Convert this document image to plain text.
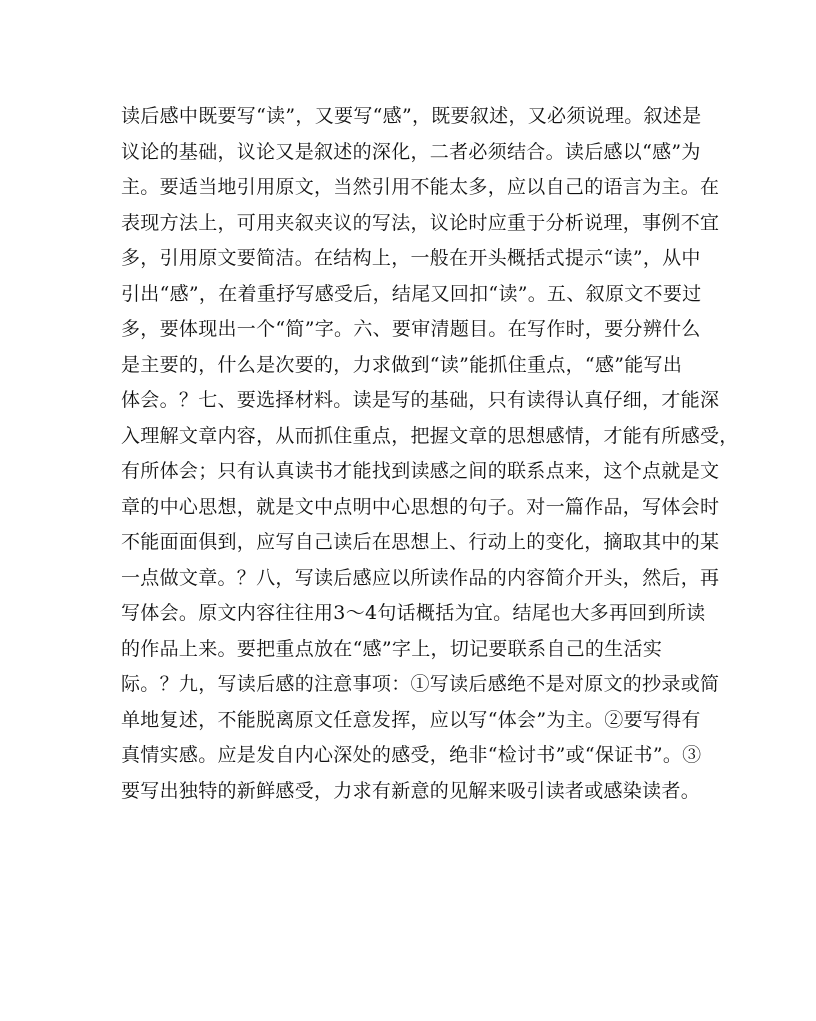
读后感中既要写“读”，又要写“感”，既要叙述，又必须说理。叙述是
议论的基础，议论又是叙述的深化，二者必须结合。读后感以“感”为
主。要适当地引用原文，当然引用不能太多，应以自己的语言为主。在
表现方法上，可用夹叙夹议的写法，议论时应重于分析说理，事例不宜
多，引用原文要简洁。在结构上，一般在开头概括式提示“读”，从中
引出“感”，在着重抒写感受后，结尾又回扣“读”。五、叙原文不要过
多，要体现出一个“简”字。六、要审清题目。在写作时，要分辨什么
是主要的，什么是次要的，力求做到“读”能抓住重点，“感”能写出
体会。？七、要选择材料。读是写的基础，只有读得认真仔细，才能深
入理解文章内容，从而抓住重点，把握文章的思想感情，才能有所感受，
有所体会；只有认真读书才能找到读感之间的联系点来，这个点就是文
章的中心思想，就是文中点明中心思想的句子。对一篇作品，写体会时
不能面面俱到，应写自己读后在思想上、行动上的变化，摘取其中的某
一点做文章。？八，写读后感应以所读作品的内容简介开头，然后，再
写体会。原文内容往往用3～4句话概括为宜。结尾也大多再回到所读
的作品上来。要把重点放在“感”字上，切记要联系自己的生活实
际。？九，写读后感的注意事项：①写读后感绝不是对原文的抄录或简
单地复述，不能脱离原文任意发挥，应以写“体会”为主。②要写得有
真情实感。应是发自内心深处的感受，绝非“检讨书”或“保证书”。③
要写出独特的新鲜感受，力求有新意的见解来吸引读者或感染读者。
